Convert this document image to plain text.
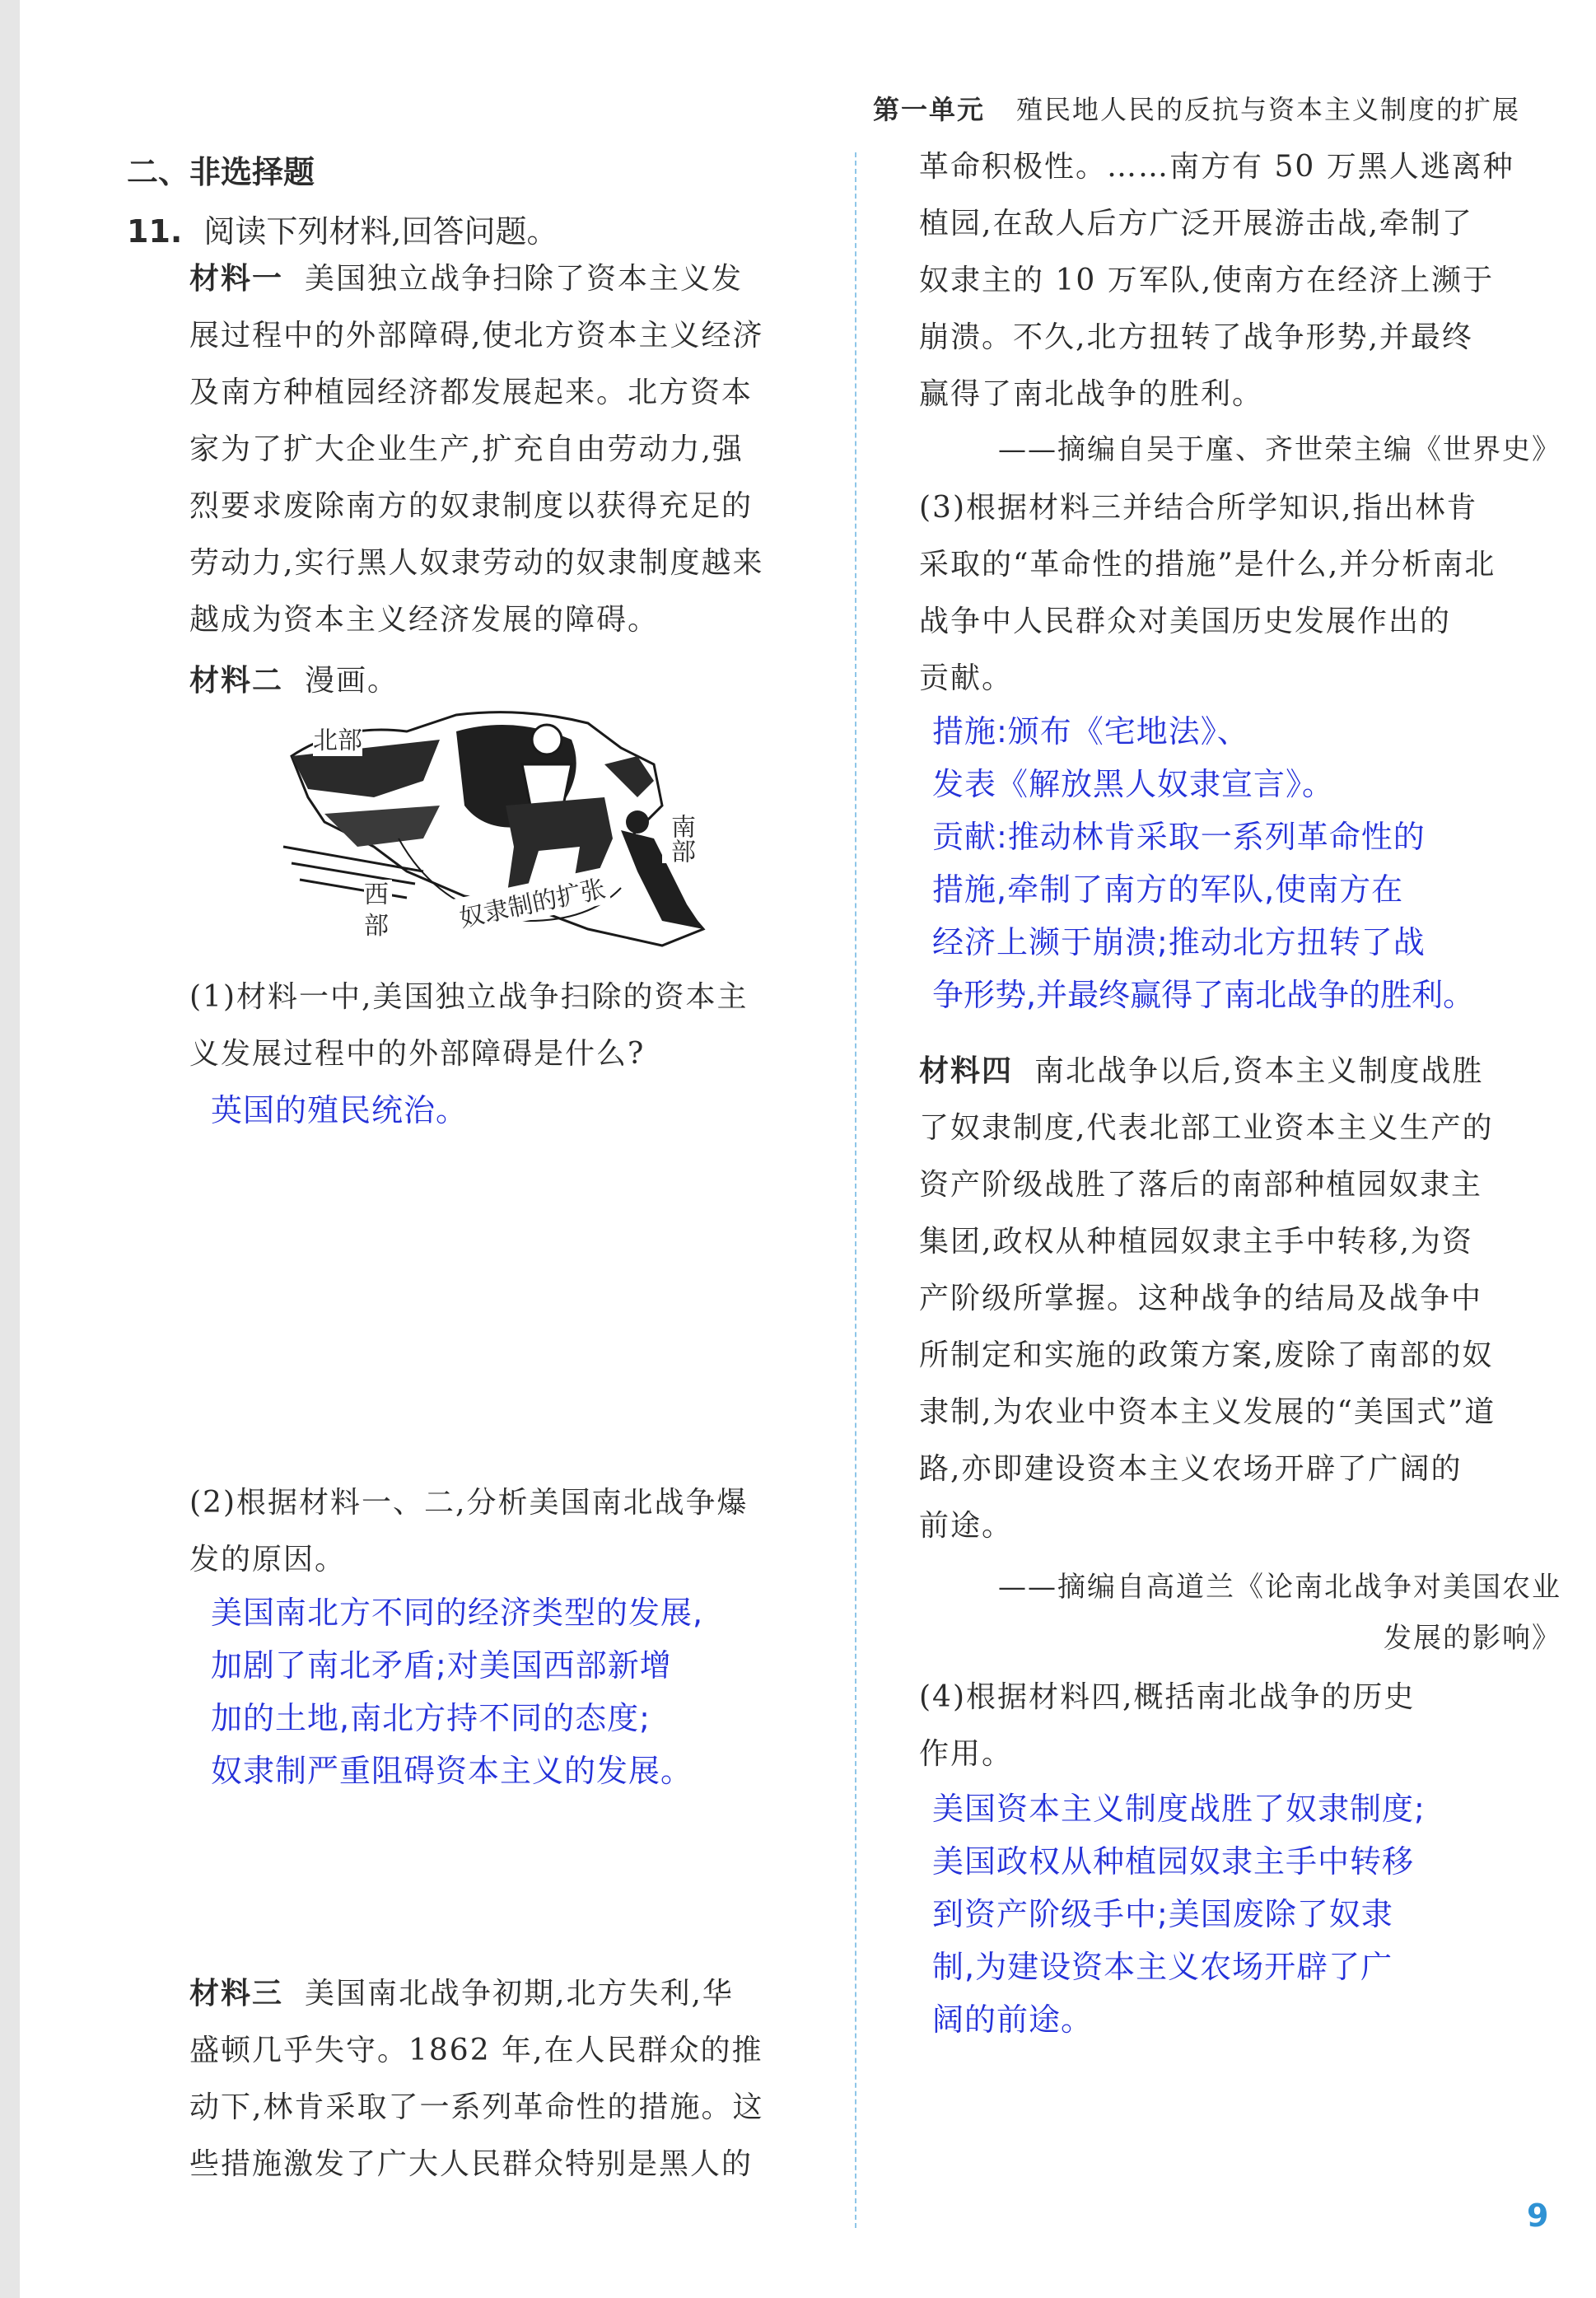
第一单元 殖民地人民的反抗与资本主义制度的扩展
二、非选择题
11. 阅读下列材料,回答问题。

材料一 美国独立战争扫除了资本主义发

展过程中的外部障碍,使北方资本主义经济

及南方种植园经济都发展起来。北方资本

家为了扩大企业生产,扩充自由劳动力,强

烈要求废除南方的奴隶制度以获得充足的

劳动力,实行黑人奴隶劳动的奴隶制度越来

越成为资本主义经济发展的障碍。

材料二 漫画。

北部
南部
西部	奴隶制的扩张

(1)材料一中,美国独立战争扫除的资本主

义发展过程中的外部障碍是什么?

英国的殖民统治。

(2)根据材料一、二,分析美国南北战争爆

发的原因。

美国南北方不同的经济类型的发展,

加剧了南北矛盾;对美国西部新增

加的土地,南北方持不同的态度;

奴隶制严重阻碍资本主义的发展。

材料三 美国南北战争初期,北方失利,华

盛顿几乎失守。1862 年,在人民群众的推

动下,林肯采取了一系列革命性的措施。这

些措施激发了广大人民群众特别是黑人的

革命积极性。……南方有 50 万黑人逃离种

植园,在敌人后方广泛开展游击战,牵制了

奴隶主的 10 万军队,使南方在经济上濒于

崩溃。不久,北方扭转了战争形势,并最终

赢得了南北战争的胜利。

——摘编自吴于廑、齐世荣主编《世界史》

(3)根据材料三并结合所学知识,指出林肯

采取的“革命性的措施”是什么,并分析南北

战争中人民群众对美国历史发展作出的

贡献。

措施:颁布《宅地法》、

发表《解放黑人奴隶宣言》。

贡献:推动林肯采取一系列革命性的

措施,牵制了南方的军队,使南方在

经济上濒于崩溃;推动北方扭转了战

争形势,并最终赢得了南北战争的胜利。

材料四 南北战争以后,资本主义制度战胜

了奴隶制度,代表北部工业资本主义生产的

资产阶级战胜了落后的南部种植园奴隶主

集团,政权从种植园奴隶主手中转移,为资

产阶级所掌握。这种战争的结局及战争中

所制定和实施的政策方案,废除了南部的奴

隶制,为农业中资本主义发展的“美国式”道

路,亦即建设资本主义农场开辟了广阔的

前途。

——摘编自高道兰《论南北战争对美国农业
发展的影响》

(4)根据材料四,概括南北战争的历史

作用。

美国资本主义制度战胜了奴隶制度;

美国政权从种植园奴隶主手中转移

到资产阶级手中;美国废除了奴隶

制,为建设资本主义农场开辟了广

阔的前途。

9
